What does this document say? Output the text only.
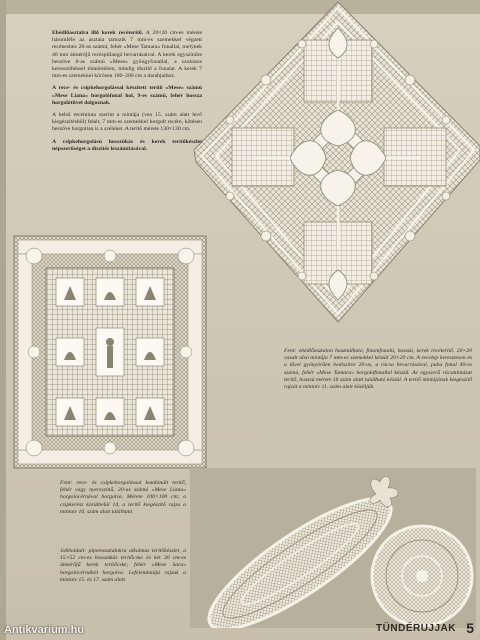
Ebédlőasztalra illő kerek recéterítő. A 20×20 cm-es mérete háromféle az asztala tartozik 7 mm-es szemekkel végzett recéneshez 20-as számú, fehér »Mese Tamara« fonallal, melynek 40 mm átmérőjű recéspillangó bevarrásaival. A kerek egyszínűre beszőve 8-as számú »Mese« gyöngyfonallal, a szokásos keresztöltéssel tömörebben, mindig díszítő a fonalat. A kerek 7 mm-es szemekkel körösen 100–200 cm a darabjaihoz.

A rece- és csipkehorgolással készített terítő »Mese« számú »Mese Liana« horgolófonal hol, 9-es számú, fehér hossza horgolótűvel dolgoznak.

A belső recéminta szerint a mintája (ven 15. szám alatt levő kiegészítésből) fehér, 7 mm-es szemekkel horgolt recére, kötésen beszőve horgoltan is a széleket. A terítő mérete 130×130 cm.

A csipkehorgolású hosszúkás és kerek terítőkészlet népszerűséget a díszítés leszámításával.

Fent: ebédlőasztalon használható, finomfonalú, hosszú, kerek recéterítő. 20×20 vasalt alsó mintája 7 mm-es szemekkel készül 20×20 cm. A recelap keresztesen és a tűvel gyönyörűen bedíszítve 20-as, a rácsa bevarrásával, puha fonal 40-es számú, fehér »Mese Tamara« horgolófonallal készül. Az egyszerű rácsmintázat terítő, hosszú mérete 16 szám alatt található készül. A terítő mintájának kiegészítő rajzát a mintaív 11. szám alatt közöljük.

Fent: rece- és csipkehorgolással kombinált terítő, fehér vagy nyersszínű, 20-as számú »Mese Liana« horgolócérnával horgolva. Mérete 100×100 cm; a csipkerész körülbelül 14, a terítő kiegészítő rajza a mintaív 16. szám alatt található.

Jobboldalt: pipereasztalokra alkalmas terítőkészlet, a 15×52 cm-es hosszúkás terítőcske és két 30 cm-es átmérőjű kerek terítőcske, fehér »Mese Sara« horgolócérnából horgolva. Lefelemintájú rajzuk a mintaív 15. és 17. szám alatt.

TÜNDÉRUJJAK 5
Antikvarium.hu
